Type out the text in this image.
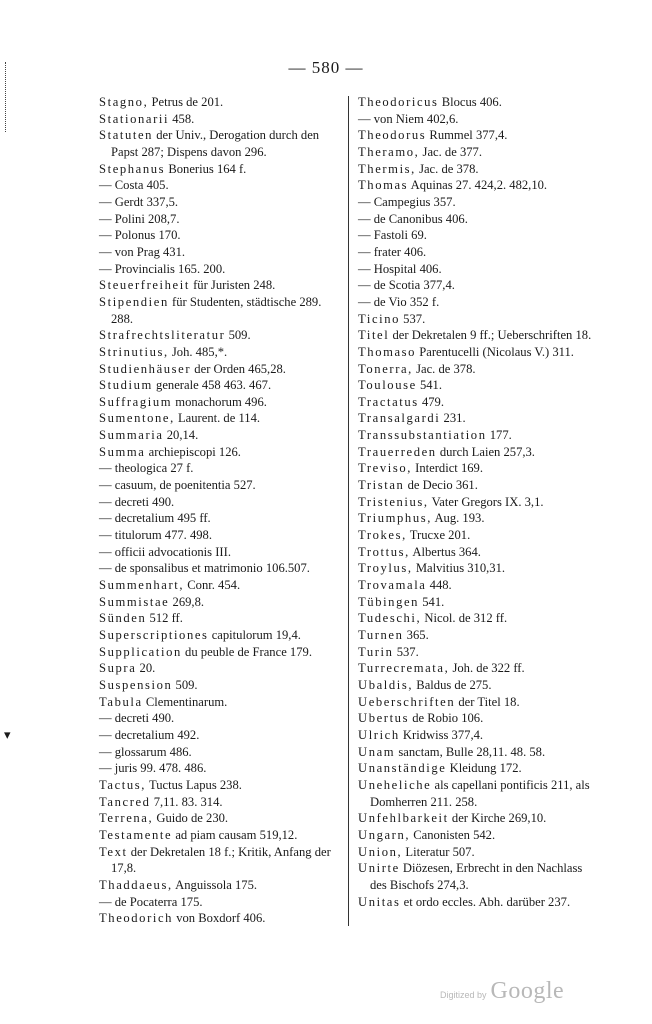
— 580 —
▾
Stagno, Petrus de 201.
Stationarii 458.
Statuten der Univ., Derogation durch den Papst 287; Dispens davon 296.
Stephanus Bonerius 164 f.
— Costa 405.
— Gerdt 337,5.
— Polini 208,7.
— Polonus 170.
— von Prag 431.
— Provincialis 165. 200.
Steuerfreiheit für Juristen 248.
Stipendien für Studenten, städtische 289. 288.
Strafrechtsliteratur 509.
Strinutius, Joh. 485,*.
Studienhäuser der Orden 465,28.
Studium generale 458 463. 467.
Suffragium monachorum 496.
Sumentone, Laurent. de 114.
Summaria 20,14.
Summa archiepiscopi 126.
— theologica 27 f.
— casuum, de poenitentia 527.
— decreti 490.
— decretalium 495 ff.
— titulorum 477. 498.
— officii advocationis III.
— de sponsalibus et matrimonio 106.507.
Summenhart, Conr. 454.
Summistae 269,8.
Sünden 512 ff.
Superscriptiones capitulorum 19,4.
Supplication du peuble de France 179.
Supra 20.
Suspension 509.
Tabula Clementinarum.
— decreti 490.
— decretalium 492.
— glossarum 486.
— juris 99. 478. 486.
Tactus, Tuctus Lapus 238.
Tancred 7,11. 83. 314.
Terrena, Guido de 230.
Testamente ad piam causam 519,12.
Text der Dekretalen 18 f.; Kritik, Anfang der 17,8.
Thaddaeus, Anguissola 175.
— de Pocaterra 175.
Theodorich von Boxdorf 406.
Theodoricus Blocus 406.
— von Niem 402,6.
Theodorus Rummel 377,4.
Theramo, Jac. de 377.
Thermis, Jac. de 378.
Thomas Aquinas 27. 424,2. 482,10.
— Campegius 357.
— de Canonibus 406.
— Fastoli 69.
— frater 406.
— Hospital 406.
— de Scotia 377,4.
— de Vio 352 f.
Ticino 537.
Titel der Dekretalen 9 ff.; Ueberschriften 18.
Thomaso Parentucelli (Nicolaus V.) 311.
Tonerra, Jac. de 378.
Toulouse 541.
Tractatus 479.
Transalgardi 231.
Transsubstantiation 177.
Trauerreden durch Laien 257,3.
Treviso, Interdict 169.
Tristan de Decio 361.
Tristenius, Vater Gregors IX. 3,1.
Triumphus, Aug. 193.
Trokes, Trucxe 201.
Trottus, Albertus 364.
Troylus, Malvitius 310,31.
Trovamala 448.
Tübingen 541.
Tudeschi, Nicol. de 312 ff.
Turnen 365.
Turin 537.
Turrecremata, Joh. de 322 ff.
Ubaldis, Baldus de 275.
Ueberschriften der Titel 18.
Ubertus de Robio 106.
Ulrich Kridwiss 377,4.
Unam sanctam, Bulle 28,11. 48. 58.
Unanständige Kleidung 172.
Uneheliche als capellani pontificis 211, als Domherren 211. 258.
Unfehlbarkeit der Kirche 269,10.
Ungarn, Canonisten 542.
Union, Literatur 507.
Unirte Diözesen, Erbrecht in den Nachlass des Bischofs 274,3.
Unitas et ordo eccles. Abh. darüber 237.
Digitized by Google
